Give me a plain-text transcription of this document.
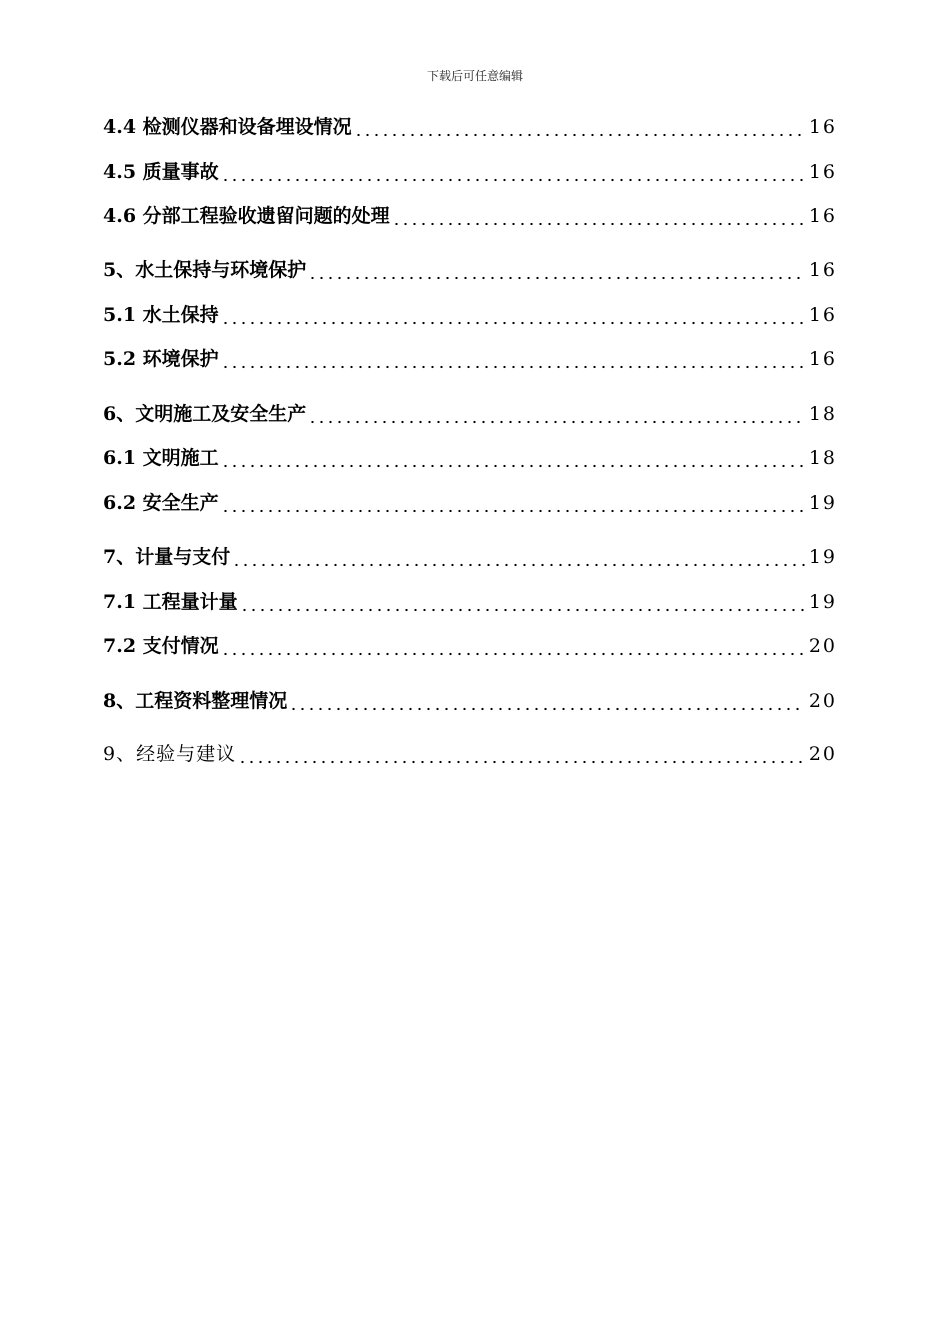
下载后可任意编辑
4.4 检测仪器和设备埋设情况	16
4.5 质量事故	16
4.6 分部工程验收遗留问题的处理	16
5、水土保持与环境保护	16
5.1 水土保持	16
5.2 环境保护	16
6、文明施工及安全生产	18
6.1 文明施工	18
6.2 安全生产	19
7、计量与支付	19
7.1 工程量计量	19
7.2 支付情况	20
8、工程资料整理情况	20
9、经验与建议	20
